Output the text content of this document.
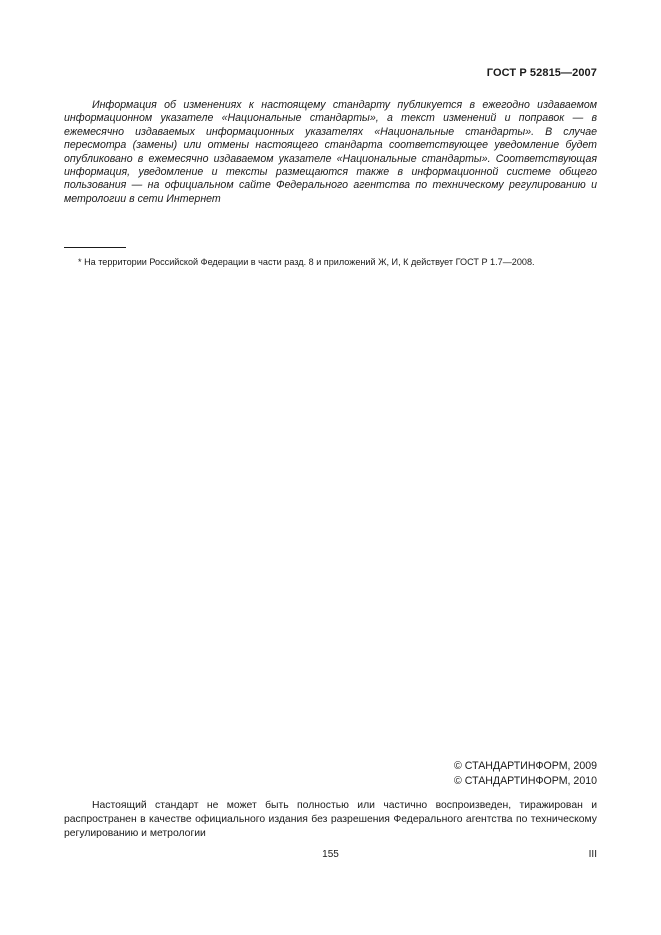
ГОСТ Р 52815—2007

Информация об изменениях к настоящему стандарту публикуется в ежегодно издаваемом информационном указателе «Национальные стандарты», а текст изменений и поправок — в ежемесячно издаваемых информационных указателях «Национальные стандарты». В случае пересмотра (замены) или отмены настоящего стандарта соответствующее уведомление будет опубликовано в ежемесячно издаваемом указателе «Национальные стандарты». Соответствующая информация, уведомление и тексты размещаются также в информационной системе общего пользования — на официальном сайте Федерального агентства по техническому регулированию и метрологии в сети Интернет

* На территории Российской Федерации в части разд. 8 и приложений Ж, И, К действует ГОСТ Р 1.7—2008.

© СТАНДАРТИНФОРМ, 2009
© СТАНДАРТИНФОРМ, 2010

Настоящий стандарт не может быть полностью или частично воспроизведен, тиражирован и распространен в качестве официального издания без разрешения Федерального агентства по техническому регулированию и метрологии

155	III
